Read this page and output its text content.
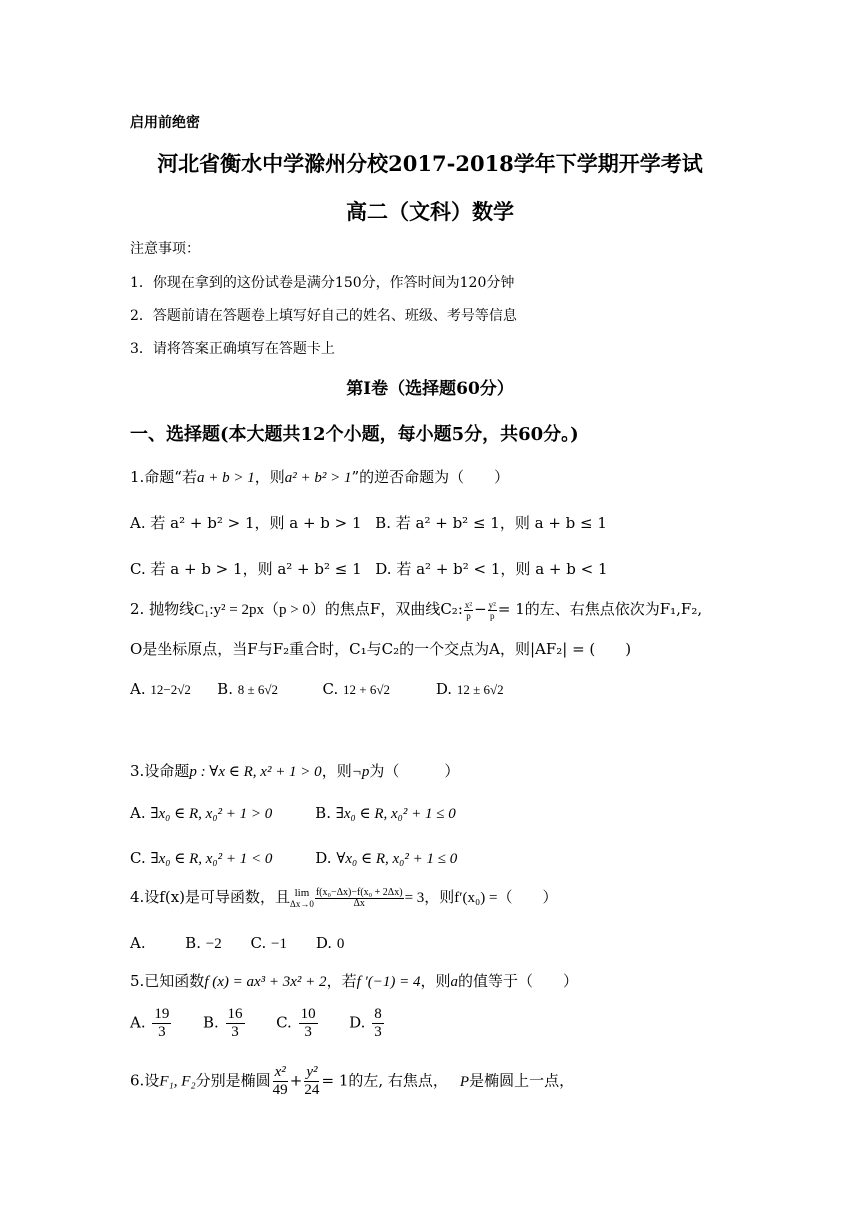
启用前绝密
河北省衡水中学滁州分校2017-2018学年下学期开学考试
高二（文科）数学
注意事项：
1．你现在拿到的这份试卷是满分150分，作答时间为120分钟
2．答题前请在答题卷上填写好自己的姓名、班级、考号等信息
3．请将答案正确填写在答题卡上
第Ⅰ卷（选择题60分）
一、选择题(本大题共12个小题，每小题5分，共60分。)
1.命题“若a + b > 1，则a² + b² > 1”的逆否命题为（　　）
A. 若 a² + b² > 1，则 a + b > 1 B. 若 a² + b² ≤ 1，则 a + b ≤ 1
C. 若 a + b > 1，则 a² + b² ≤ 1 D. 若 a² + b² < 1，则 a + b < 1
2. 抛物线C₁:y² = 2px（p > 0）的焦点F，双曲线C₂: $\frac{\text{x²}}{p} - \frac{\text{y²}}{p} = 1$的左、右焦点依次为F₁,F₂,
O是坐标原点，当F与F₂重合时，C₁与C₂的一个交点为A，则|AF₂| = (　　)
A. 12−2√2 B. 8 ± 6√2	C. 12 + 6√2	D. 12 ± 6√2
3.设命题p : ∀x ∈ R, x² + 1 > 0，则¬p为（　　　）
A. ∃x₀ ∈ R, x₀² + 1 > 0	B. ∃x₀ ∈ R, x₀² + 1 ≤ 0
C. ∃x₀ ∈ R, x₀² + 1 < 0	D. ∀x₀ ∈ R, x₀² + 1 ≤ 0
4.设f(x)是可导函数，且 lim
$\Delta x\to 0 \frac{\text{f(x₀−Δx)−f(x₀ + 2Δx)}}{\Delta x} = 3$，则f′(x₀) =（　　）
A.	B. −2 C. −1 D. 0
5.已知函数f (x) = ax³ + 3x² + 2，若f ′(−1) = 4，则a的值等于（　　）
A. $\frac{19}{3} B$. $\frac{16}{3} C$. $\frac{10}{3} D$. $\frac{8}{3}$
6.设F₁, F₂分别是椭圆 $\frac{\text{x²}}{49} + \frac{\text{y²}}{24} = 1$的左, 右焦点， P是椭圆上一点，
